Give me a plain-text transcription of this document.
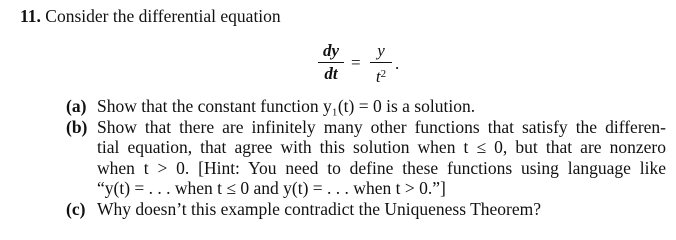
11. Consider the differential equation
dy
dt
=
y
$t^2$
.
(a) Show that the constant function y₁(t) = 0 is a solution.
(b) Show that there are infinitely many other functions that satisfy the differen-
tial equation, that agree with this solution when t ≤ 0, but that are nonzero
when t > 0. [Hint: You need to define these functions using language like
“y(t) = . . . when t ≤ 0 and y(t) = . . . when t > 0.”]
(c) Why doesn’t this example contradict the Uniqueness Theorem?
